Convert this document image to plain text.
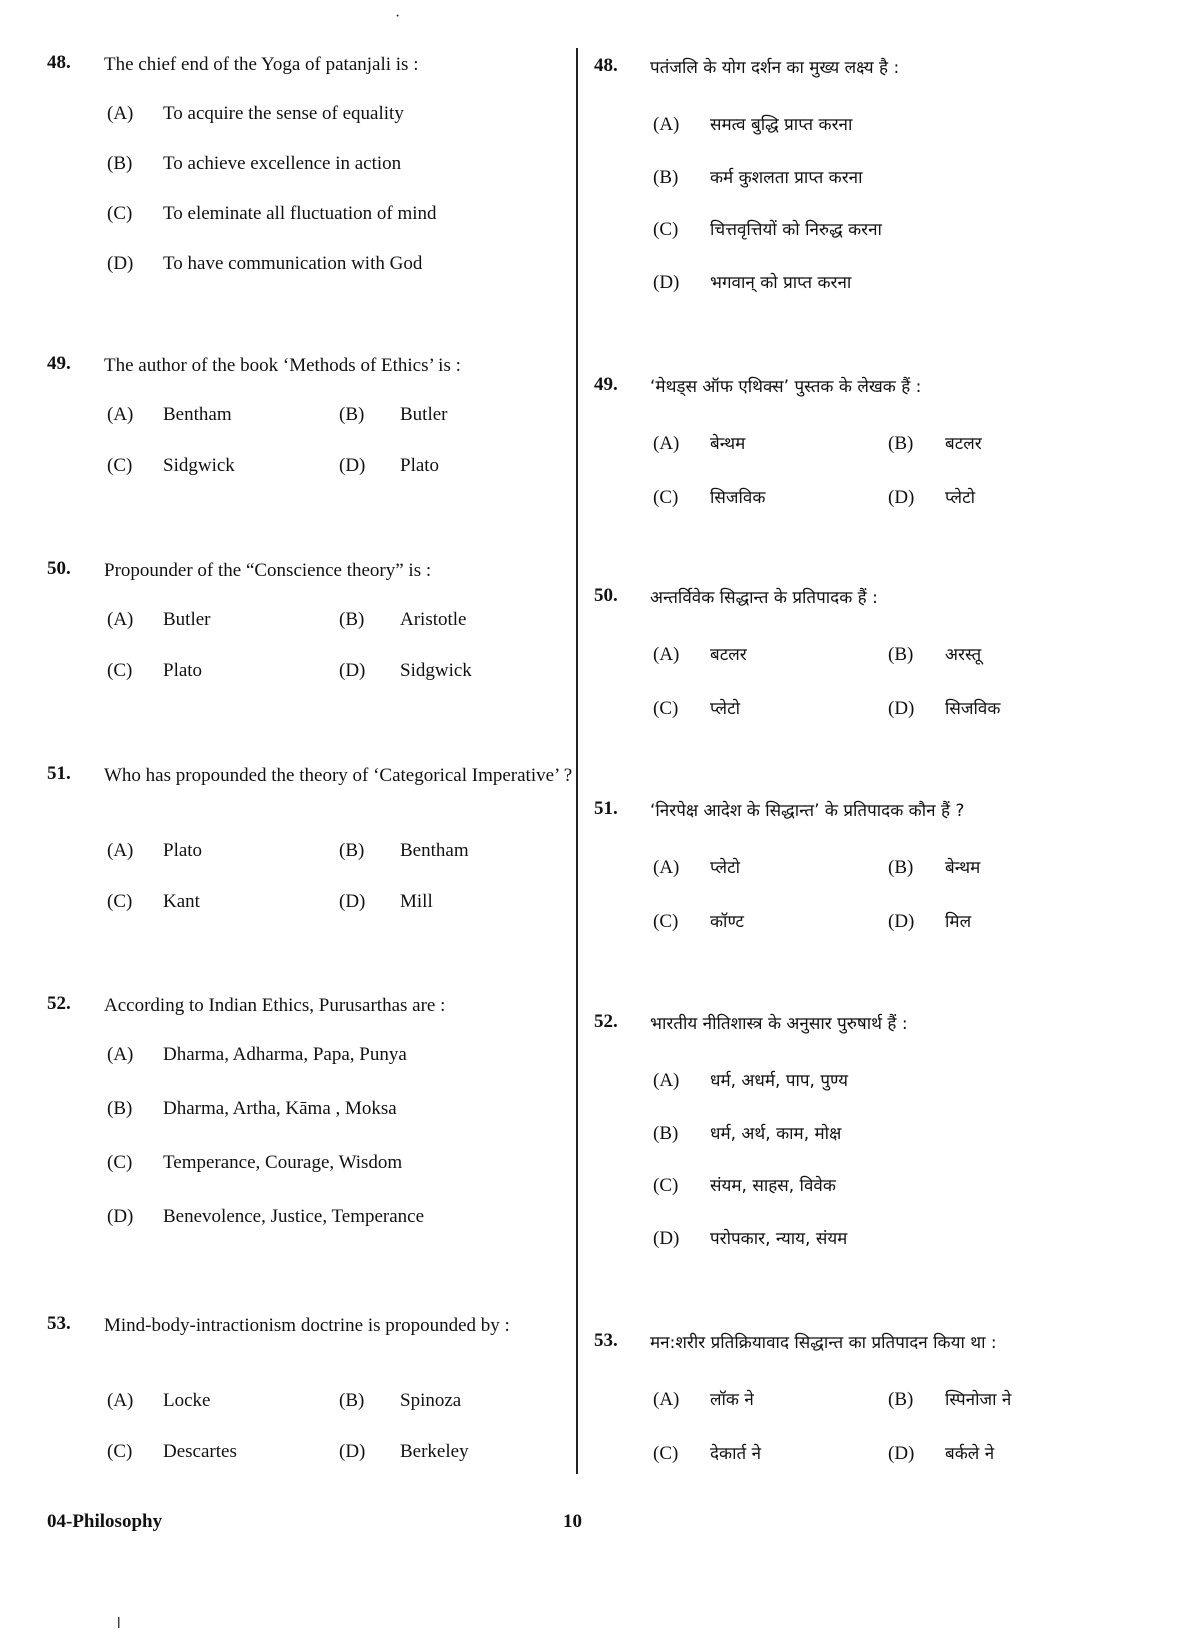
48. The chief end of the Yoga of patanjali is :
(A) To acquire the sense of equality
(B) To achieve excellence in action
(C) To eleminate all fluctuation of mind
(D) To have communication with God
49. The author of the book ‘Methods of Ethics’ is :
(A) Bentham	(B) Butler
(C) Sidgwick	(D) Plato
50. Propounder of the “Conscience theory” is :
(A) Butler	(B) Aristotle
(C) Plato	(D) Sidgwick
51. Who has propounded the theory of ‘Categorical Imperative’ ?
(A) Plato	(B) Bentham
(C) Kant	(D) Mill
52. According to Indian Ethics, Purusarthas are :
(A) Dharma, Adharma, Papa, Punya
(B) Dharma, Artha, Kāma , Moksa
(C) Temperance, Courage, Wisdom
(D) Benevolence, Justice, Temperance
53. Mind-body-intractionism doctrine is propounded by :
(A) Locke	(B) Spinoza
(C) Descartes	(D) Berkeley
48. पतंजलि के योग दर्शन का मुख्य लक्ष्य है :
(A) समत्व बुद्धि प्राप्त करना
(B) कर्म कुशलता प्राप्त करना
(C) चित्तवृत्तियों को निरुद्ध करना
(D) भगवान् को प्राप्त करना
49. ‘मेथड्स ऑफ एथिक्स’ पुस्तक के लेखक हैं :
(A) बेन्थम	(B) बटलर
(C) सिजविक	(D) प्लेटो
50. अन्तर्विवेक सिद्धान्त के प्रतिपादक हैं :
(A) बटलर	(B) अरस्तू
(C) प्लेटो	(D) सिजविक
51. ‘निरपेक्ष आदेश के सिद्धान्त’ के प्रतिपादक कौन हैं ?
(A) प्लेटो	(B) बेन्थम
(C) कॉण्ट	(D) मिल
52. भारतीय नीतिशास्त्र के अनुसार पुरुषार्थ हैं :
(A) धर्म, अधर्म, पाप, पुण्य
(B) धर्म, अर्थ, काम, मोक्ष
(C) संयम, साहस, विवेक
(D) परोपकार, न्याय, संयम
53. मन:शरीर प्रतिक्रियावाद सिद्धान्त का प्रतिपादन किया था :
(A) लॉक ने	(B) स्पिनोजा ने
(C) देकार्त ने	(D) बर्कले ने
04-Philosophy	10
·
ǀ
